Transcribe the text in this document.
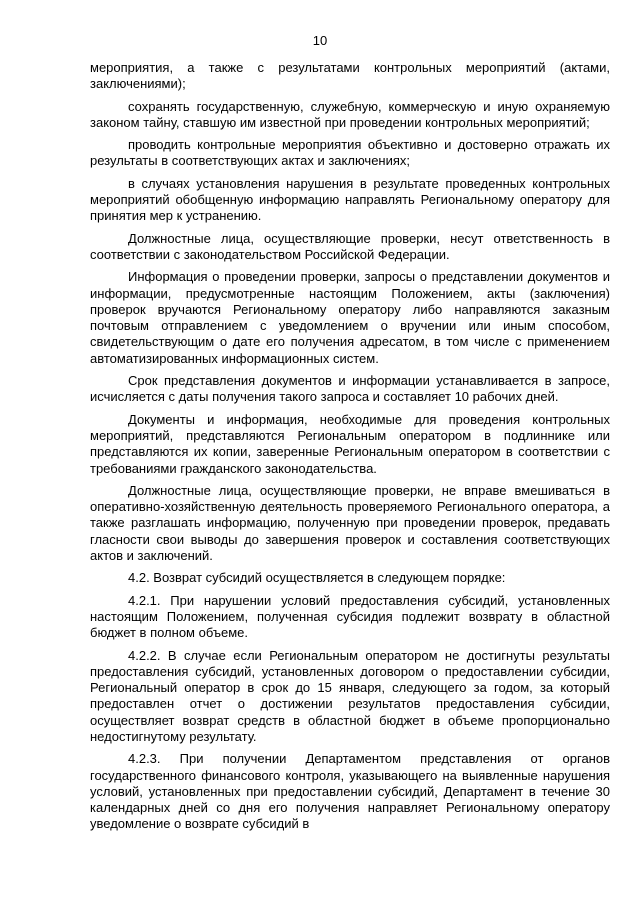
10

мероприятия, а также с результатами контрольных мероприятий (актами, заключениями);

сохранять государственную, служебную, коммерческую и иную охраняемую законом тайну, ставшую им известной при проведении контрольных мероприятий;

проводить контрольные мероприятия объективно и достоверно отражать их результаты в соответствующих актах и заключениях;

в случаях установления нарушения в результате проведенных контрольных мероприятий обобщенную информацию направлять Региональному оператору для принятия мер к устранению.

Должностные лица, осуществляющие проверки, несут ответственность в соответствии с законодательством Российской Федерации.

Информация о проведении проверки, запросы о представлении документов и информации, предусмотренные настоящим Положением, акты (заключения) проверок вручаются Региональному оператору либо направляются заказным почтовым отправлением с уведомлением о вручении или иным способом, свидетельствующим о дате его получения адресатом, в том числе с применением автоматизированных информационных систем.

Срок представления документов и информации устанавливается в запросе, исчисляется с даты получения такого запроса и составляет 10 рабочих дней.

Документы и информация, необходимые для проведения контрольных мероприятий, представляются Региональным оператором в подлиннике или представляются их копии, заверенные Региональным оператором в соответствии с требованиями гражданского законодательства.

Должностные лица, осуществляющие проверки, не вправе вмешиваться в оперативно-хозяйственную деятельность проверяемого Регионального оператора, а также разглашать информацию, полученную при проведении проверок, предавать гласности свои выводы до завершения проверок и составления соответствующих актов и заключений.

4.2. Возврат субсидий осуществляется в следующем порядке:

4.2.1. При нарушении условий предоставления субсидий, установленных настоящим Положением, полученная субсидия подлежит возврату в областной бюджет в полном объеме.

4.2.2. В случае если Региональным оператором не достигнуты результаты предоставления субсидий, установленных договором о предоставлении субсидии, Региональный оператор в срок до 15 января, следующего за годом, за который предоставлен отчет о достижении результатов предоставления субсидии, осуществляет возврат средств в областной бюджет в объеме пропорционально недостигнутому результату.

4.2.3. При получении Департаментом представления от органов государственного финансового контроля, указывающего на выявленные нарушения условий, установленных при предоставлении субсидий, Департамент в течение 30 календарных дней со дня его получения направляет Региональному оператору уведомление о возврате субсидий в
